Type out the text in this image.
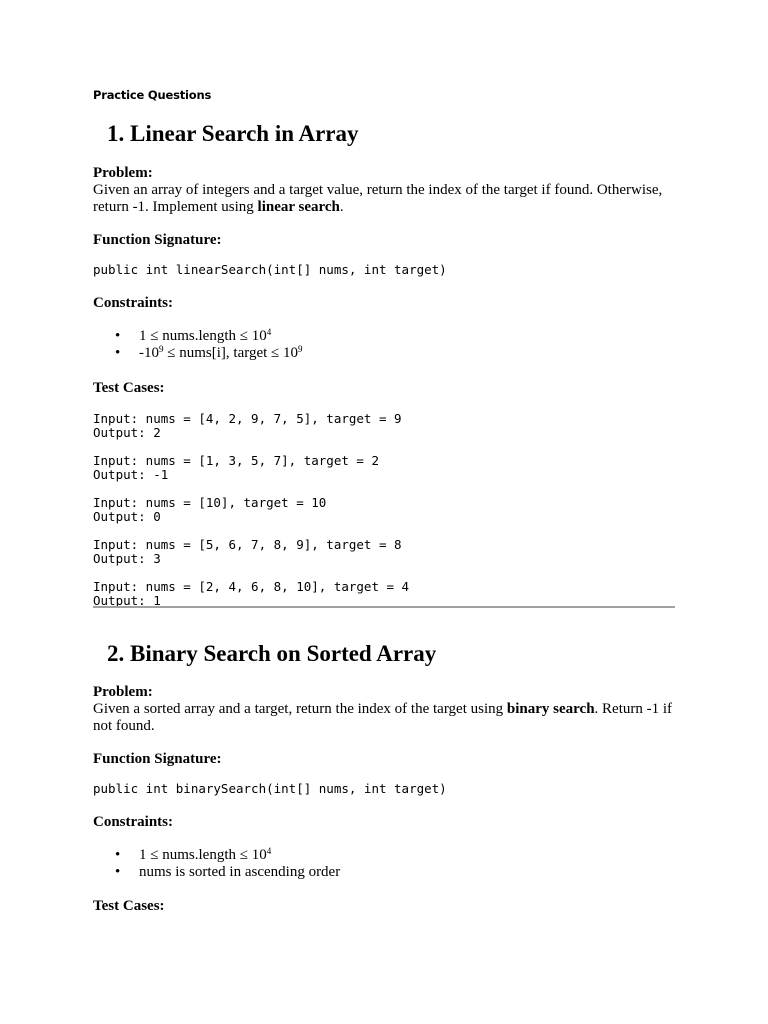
Practice Questions
1. Linear Search in Array
Problem:

Given an array of integers and a target value, return the index of the target if found. Otherwise, return -1. Implement using linear search.

Function Signature:
public int linearSearch(int[] nums, int target)
Constraints:
• 1 ≤ nums.length ≤ $10^4$
• $-10^9$ ≤ nums[i], target ≤ $10^9$
Test Cases:
Input: nums = [4, 2, 9, 7, 5], target = 9
Output: 2
Input: nums = [1, 3, 5, 7], target = 2
Output: -1
Input: nums = [10], target = 10
Output: 0
Input: nums = [5, 6, 7, 8, 9], target = 8
Output: 3
Input: nums = [2, 4, 6, 8, 10], target = 4
Output: 1
2. Binary Search on Sorted Array
Problem:

Given a sorted array and a target, return the index of the target using binary search. Return -1 if not found.

Function Signature:
public int binarySearch(int[] nums, int target)
Constraints:
• 1 ≤ nums.length ≤ $10^4$
• nums is sorted in ascending order
Test Cases:
